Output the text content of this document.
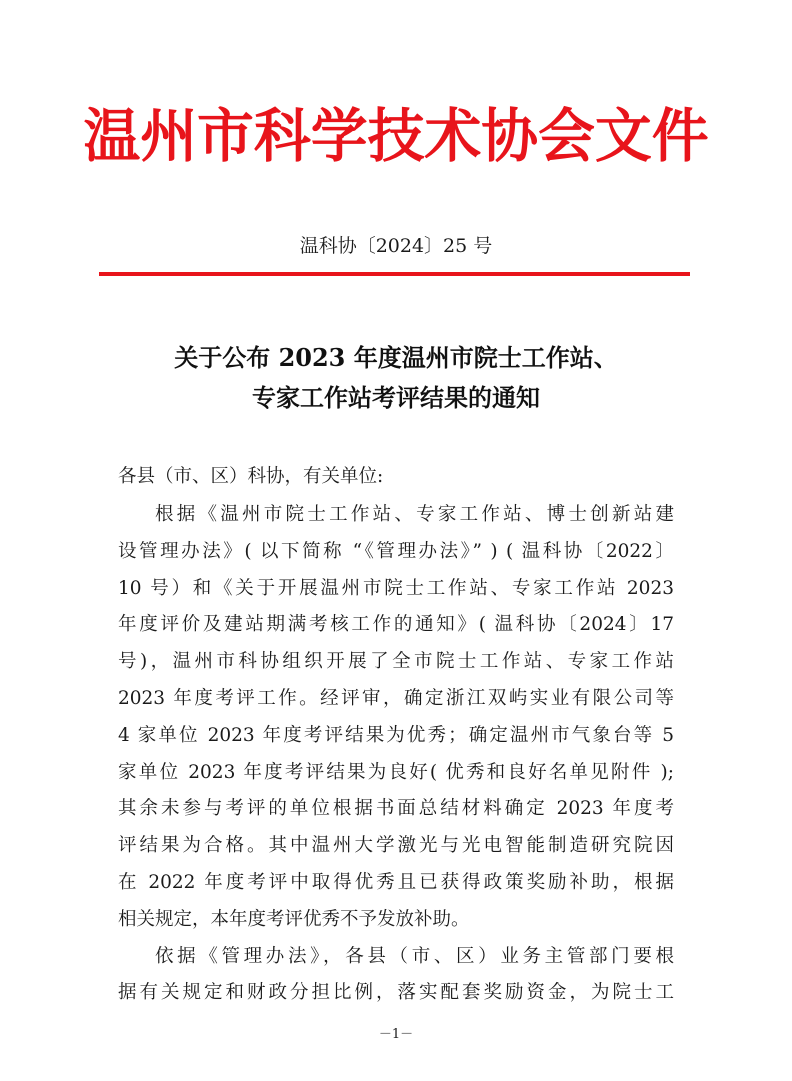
温州市科学技术协会文件
温科协〔2024〕25 号
关于公布 2023 年度温州市院士工作站、
专家工作站考评结果的通知
各县（市、区）科协，有关单位:
根据《温州市院士工作站、专家工作站、博士创新站建
设管理办法》( 以下简称 “《管理办法》” ) ( 温科协〔2022〕
10 号）和《关于开展温州市院士工作站、专家工作站 2023
年度评价及建站期满考核工作的通知》( 温科协〔2024〕17
号)，温州市科协组织开展了全市院士工作站、专家工作站
2023 年度考评工作。经评审，确定浙江双屿实业有限公司等
4 家单位 2023 年度考评结果为优秀；确定温州市气象台等 5
家单位 2023 年度考评结果为良好( 优秀和良好名单见附件 );
其余未参与考评的单位根据书面总结材料确定 2023 年度考
评结果为合格。其中温州大学激光与光电智能制造研究院因
在 2022 年度考评中取得优秀且已获得政策奖励补助，根据
相关规定，本年度考评优秀不予发放补助。
依据《管理办法》，各县（市、区）业务主管部门要根
据有关规定和财政分担比例，落实配套奖励资金，为院士工
－1－
